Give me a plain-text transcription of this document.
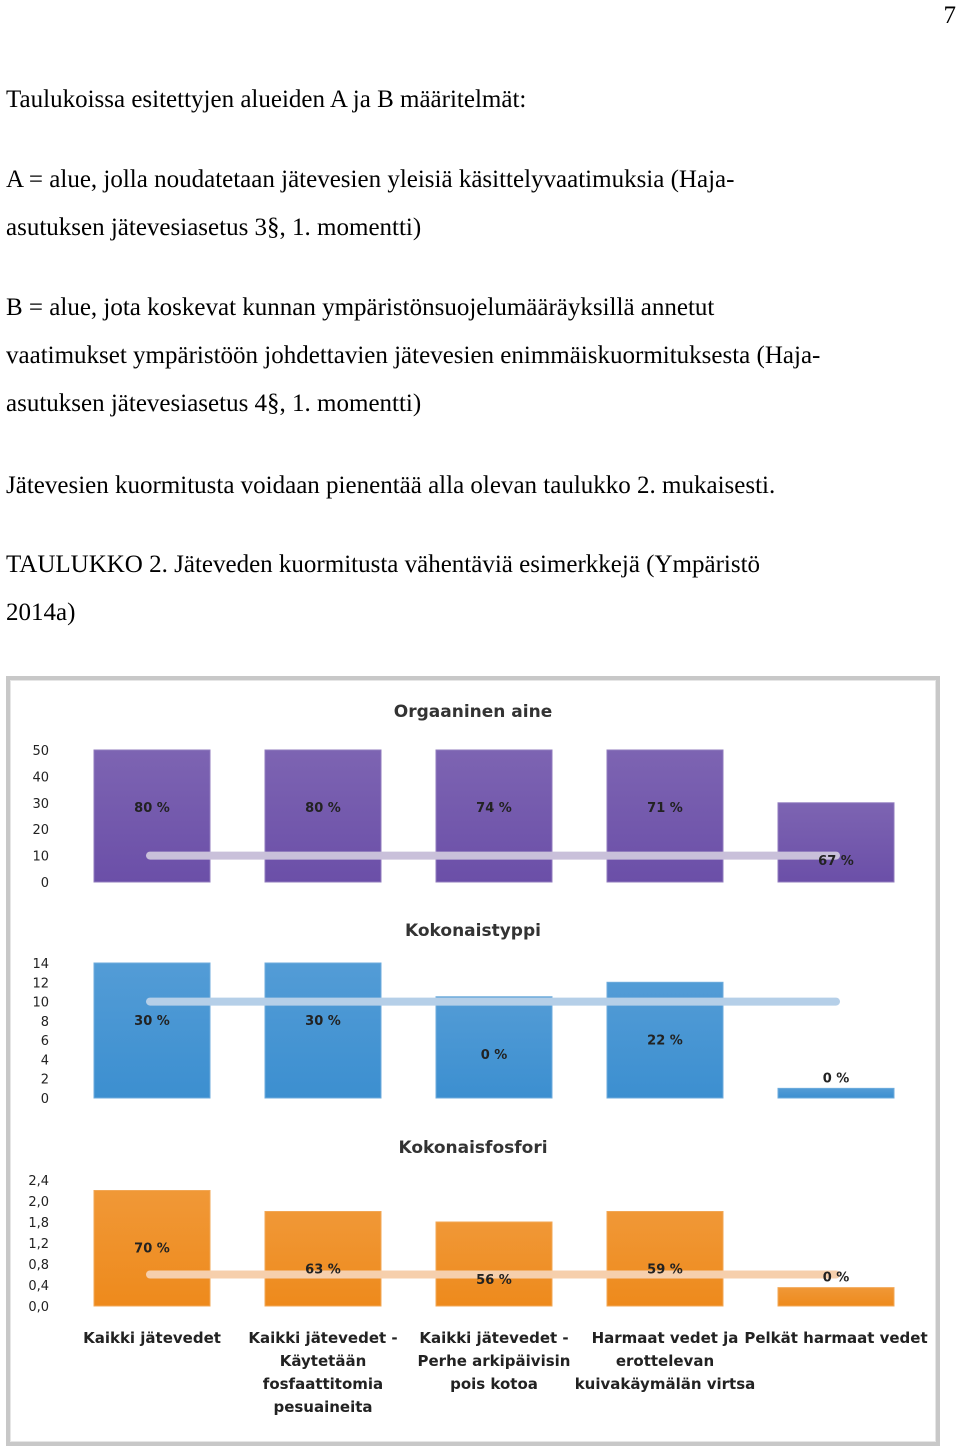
7

Taulukoissa esitettyjen alueiden A ja B määritelmät:

A = alue, jolla noudatetaan jätevesien yleisiä käsittelyvaatimuksia (Haja-

asutuksen jätevesiasetus 3§, 1. momentti)

B = alue, jota koskevat kunnan ympäristönsuojelumääräyksillä annetut

vaatimukset ympäristöön johdettavien jätevesien enimmäiskuormituksesta (Haja-

asutuksen jätevesiasetus 4§, 1. momentti)

Jätevesien kuormitusta voidaan pienentää alla olevan taulukko 2. mukaisesti.

TAULUKKO 2. Jäteveden kuormitusta vähentäviä esimerkkejä (Ympäristö

2014a)

Orgaaninen aine
50
40
30
20
10
0
80 %	80 %	74 %	71 %
67 %
Kokonaistyppi
14
12
10
8
6
4
2
0
30 %	30 %
0 %
22 %
0 %
Kokonaisfosfori
2,4
2,0
1,8
1,2
0,8
0,4
0,0
70 %
63 %
56 %
59 %
0 %
Kaikki jätevedet Kaikki jätevedet -
Käytetään
fosfaattitomia
pesuaineita
Kaikki jätevedet -
Perhe arkipäivisin
pois kotoa
Harmaat vedet ja
erottelevan
kuivakäymälän virtsa
Pelkät harmaat vedet
